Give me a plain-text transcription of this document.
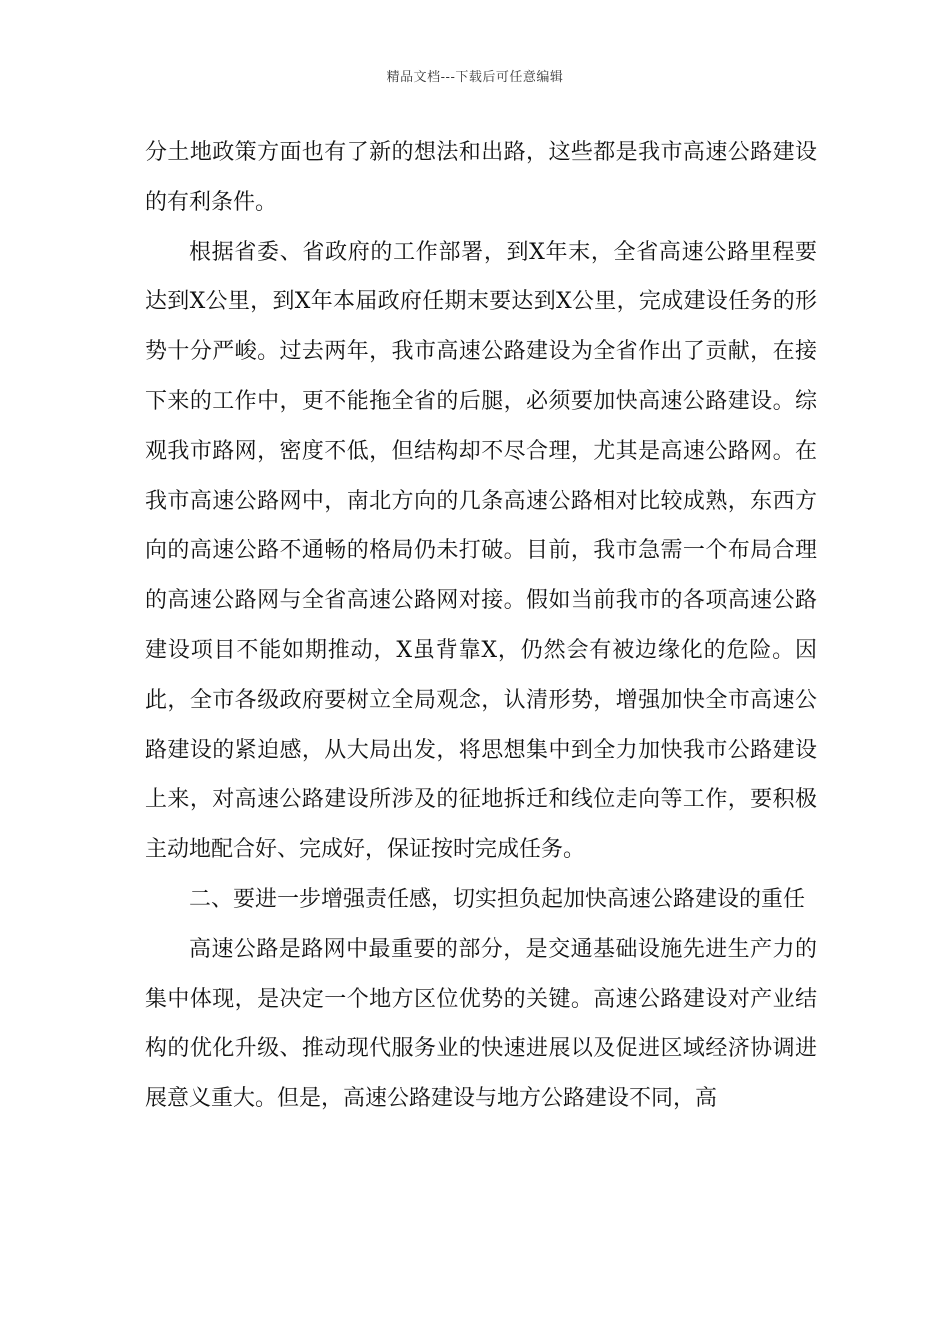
精品文档---下载后可任意编辑

分土地政策方面也有了新的想法和出路，这些都是我市高速公路建设的有利条件。

根据省委、省政府的工作部署，到X年末，全省高速公路里程要达到X公里，到X年本届政府任期末要达到X公里，完成建设任务的形势十分严峻。过去两年，我市高速公路建设为全省作出了贡献，在接下来的工作中，更不能拖全省的后腿，必须要加快高速公路建设。综观我市路网，密度不低，但结构却不尽合理，尤其是高速公路网。在我市高速公路网中，南北方向的几条高速公路相对比较成熟，东西方向的高速公路不通畅的格局仍未打破。目前，我市急需一个布局合理的高速公路网与全省高速公路网对接。假如当前我市的各项高速公路建设项目不能如期推动，X虽背靠X，仍然会有被边缘化的危险。因此，全市各级政府要树立全局观念，认清形势，增强加快全市高速公路建设的紧迫感，从大局出发，将思想集中到全力加快我市公路建设上来，对高速公路建设所涉及的征地拆迁和线位走向等工作，要积极主动地配合好、完成好，保证按时完成任务。

二、要进一步增强责任感，切实担负起加快高速公路建设的重任

高速公路是路网中最重要的部分，是交通基础设施先进生产力的集中体现，是决定一个地方区位优势的关键。高速公路建设对产业结构的优化升级、推动现代服务业的快速进展以及促进区域经济协调进展意义重大。但是，高速公路建设与地方公路建设不同，高
